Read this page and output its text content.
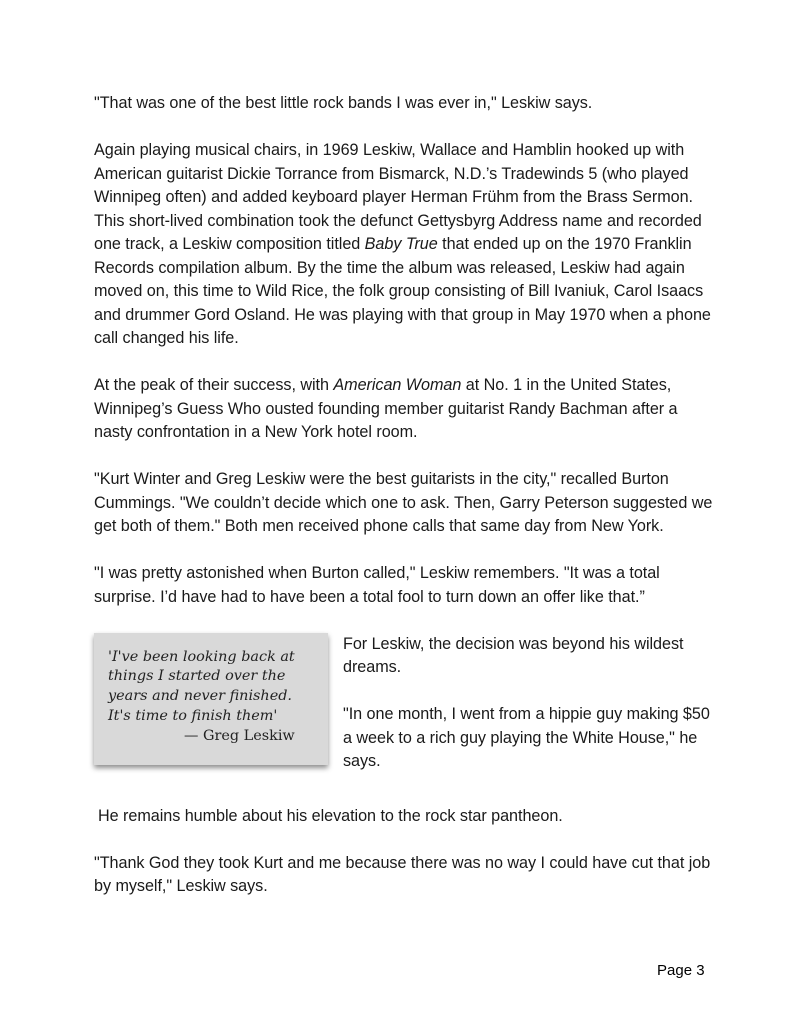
"That was one of the best little rock bands I was ever in," Leskiw says.

Again playing musical chairs, in 1969 Leskiw, Wallace and Hamblin hooked up with American guitarist Dickie Torrance from Bismarck, N.D.’s Tradewinds 5 (who played Winnipeg often) and added keyboard player Herman Frühm from the Brass Sermon. This short-lived combination took the defunct Gettysbyrg Address name and recorded one track, a Leskiw composition titled Baby True that ended up on the 1970 Franklin Records compilation album. By the time the album was released, Leskiw had again moved on, this time to Wild Rice, the folk group consisting of Bill Ivaniuk, Carol Isaacs and drummer Gord Osland. He was playing with that group in May 1970 when a phone call changed his life.

At the peak of their success, with American Woman at No. 1 in the United States, Winnipeg’s Guess Who ousted founding member guitarist Randy Bachman after a nasty confrontation in a New York hotel room.

"Kurt Winter and Greg Leskiw were the best guitarists in the city," recalled Burton Cummings. "We couldn’t decide which one to ask. Then, Garry Peterson suggested we get both of them." Both men received phone calls that same day from New York.

"I was pretty astonished when Burton called," Leskiw remembers. "It was a total surprise. I’d have had to have been a total fool to turn down an offer like that.”

'I've been looking back at things I started over the years and never finished. It's time to finish them'
— Greg Leskiw

For Leskiw, the decision was beyond his wildest dreams.

"In one month, I went from a hippie guy making $50 a week to a rich guy playing the White House," he says.

He remains humble about his elevation to the rock star pantheon.

"Thank God they took Kurt and me because there was no way I could have cut that job by myself," Leskiw says.

Page 3
